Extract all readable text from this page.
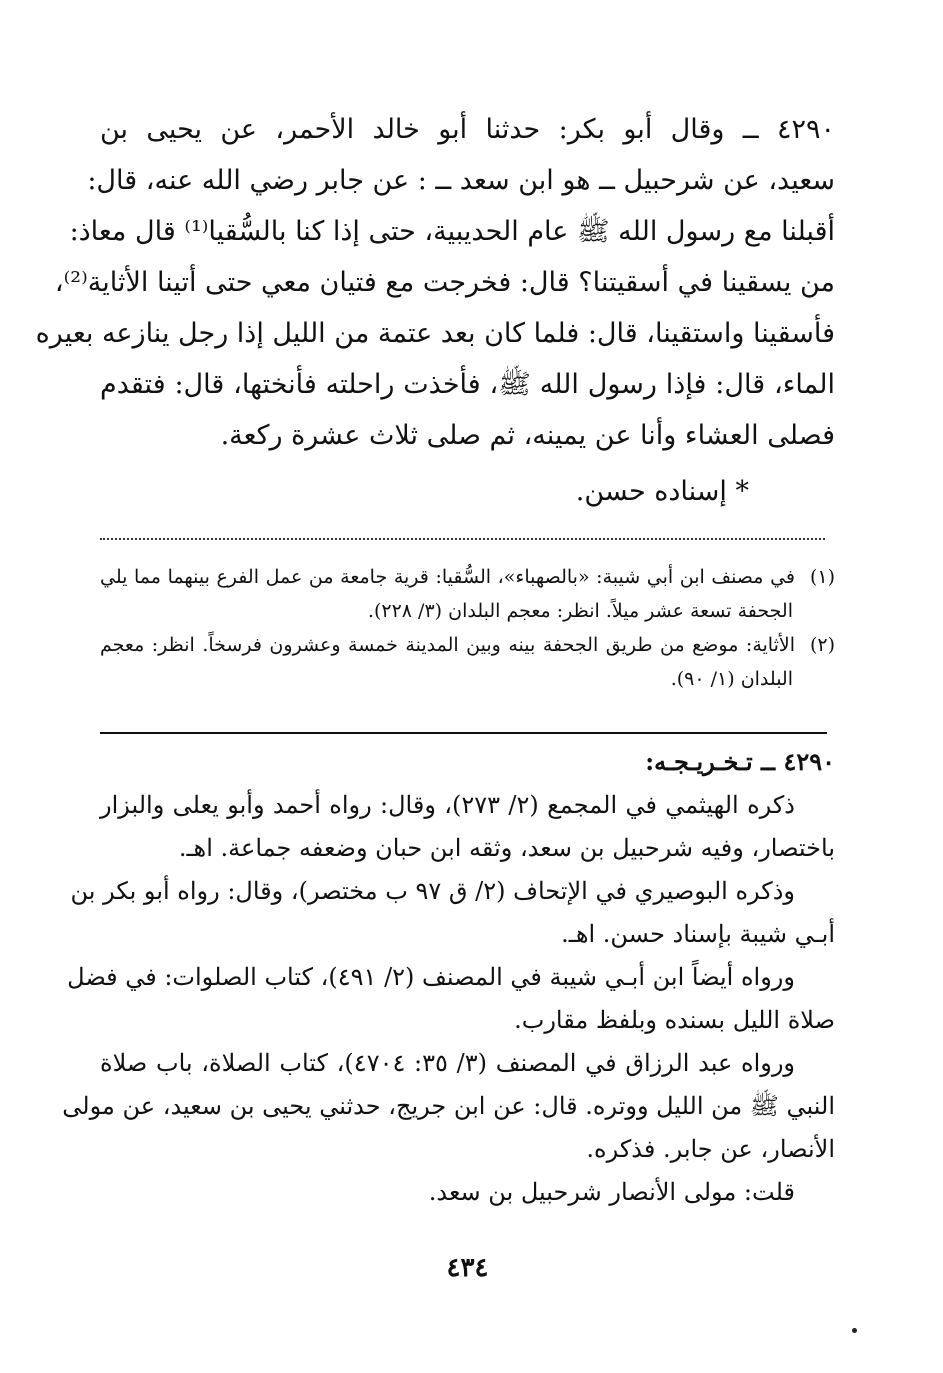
٤٢٩٠ ــ وقال أبو بكر: حدثنا أبو خالد الأحمر، عن يحيى بن
سعيد، عن شرحبيل ــ هو ابن سعد ــ : عن جابر رضي الله عنه، قال:
أقبلنا مع رسول الله ﷺ عام الحديبية، حتى إذا كنا بالسُّقيا⁽¹⁾ قال معاذ:
من يسقينا في أسقيتنا؟ قال: فخرجت مع فتيان معي حتى أتينا الأثاية⁽²⁾،
فأسقينا واستقينا، قال: فلما كان بعد عتمة من الليل إذا رجل ينازعه بعيره
الماء، قال: فإذا رسول الله ﷺ، فأخذت راحلته فأنختها، قال: فتقدم
فصلى العشاء وأنا عن يمينه، ثم صلى ثلاث عشرة ركعة.
* إسناده حسن.
(١)في مصنف ابن أبي شيبة: «بالصهباء»، السُّقيا: قرية جامعة من عمل الفرع بينهما مما يلي
الجحفة تسعة عشر ميلاً. انظر: معجم البلدان (٣/ ٢٢٨).
(٢)الأثاية: موضع من طريق الجحفة بينه وبين المدينة خمسة وعشرون فرسخاً. انظر: معجم
البلدان (١/ ٩٠).
٤٢٩٠ ــ تـخـريـجـه:
ذكره الهيثمي في المجمع (٢/ ٢٧٣)، وقال: رواه أحمد وأبو يعلى والبزار
باختصار، وفيه شرحبيل بن سعد، وثقه ابن حبان وضعفه جماعة. اهـ.
وذكره البوصيري في الإتحاف (٢/ ق ٩٧ ب مختصر)، وقال: رواه أبو بكر بن
أبـي شيبة بإسناد حسن. اهـ.
ورواه أيضاً ابن أبـي شيبة في المصنف (٢/ ٤٩١)، كتاب الصلوات: في فضل
صلاة الليل بسنده وبلفظ مقارب.
ورواه عبد الرزاق في المصنف (٣/ ٣٥: ٤٧٠٤)، كتاب الصلاة، باب صلاة
النبي ﷺ من الليل ووتره. قال: عن ابن جريج، حدثني يحيى بن سعيد، عن مولى
الأنصار، عن جابر. فذكره.
قلت: مولى الأنصار شرحبيل بن سعد.
٤٣٤
